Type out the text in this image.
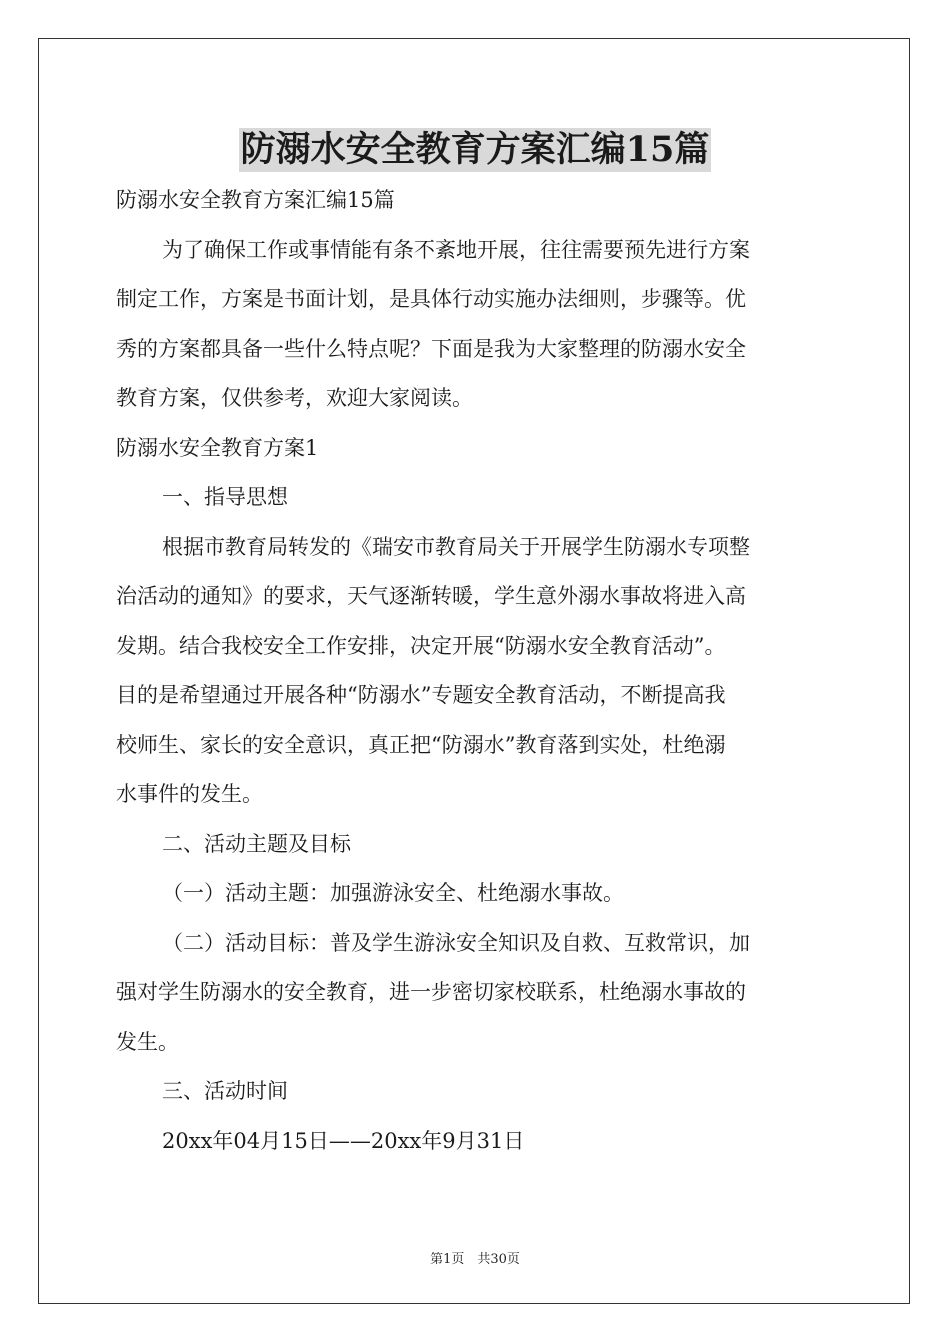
防溺水安全教育方案汇编15篇

防溺水安全教育方案汇编15篇

为了确保工作或事情能有条不紊地开展，往往需要预先进行方案

制定工作，方案是书面计划，是具体行动实施办法细则，步骤等。优

秀的方案都具备一些什么特点呢？下面是我为大家整理的防溺水安全

教育方案，仅供参考，欢迎大家阅读。

防溺水安全教育方案1

一、指导思想

根据市教育局转发的《瑞安市教育局关于开展学生防溺水专项整

治活动的通知》的要求，天气逐渐转暖，学生意外溺水事故将进入高

发期。结合我校安全工作安排，决定开展“防溺水安全教育活动”。

目的是希望通过开展各种“防溺水”专题安全教育活动，不断提高我

校师生、家长的安全意识，真正把“防溺水”教育落到实处，杜绝溺

水事件的发生。

二、活动主题及目标

（一）活动主题：加强游泳安全、杜绝溺水事故。

（二）活动目标：普及学生游泳安全知识及自救、互救常识，加

强对学生防溺水的安全教育，进一步密切家校联系，杜绝溺水事故的

发生。

三、活动时间

20xx年04月15日——20xx年9月31日

第1页　共30页
